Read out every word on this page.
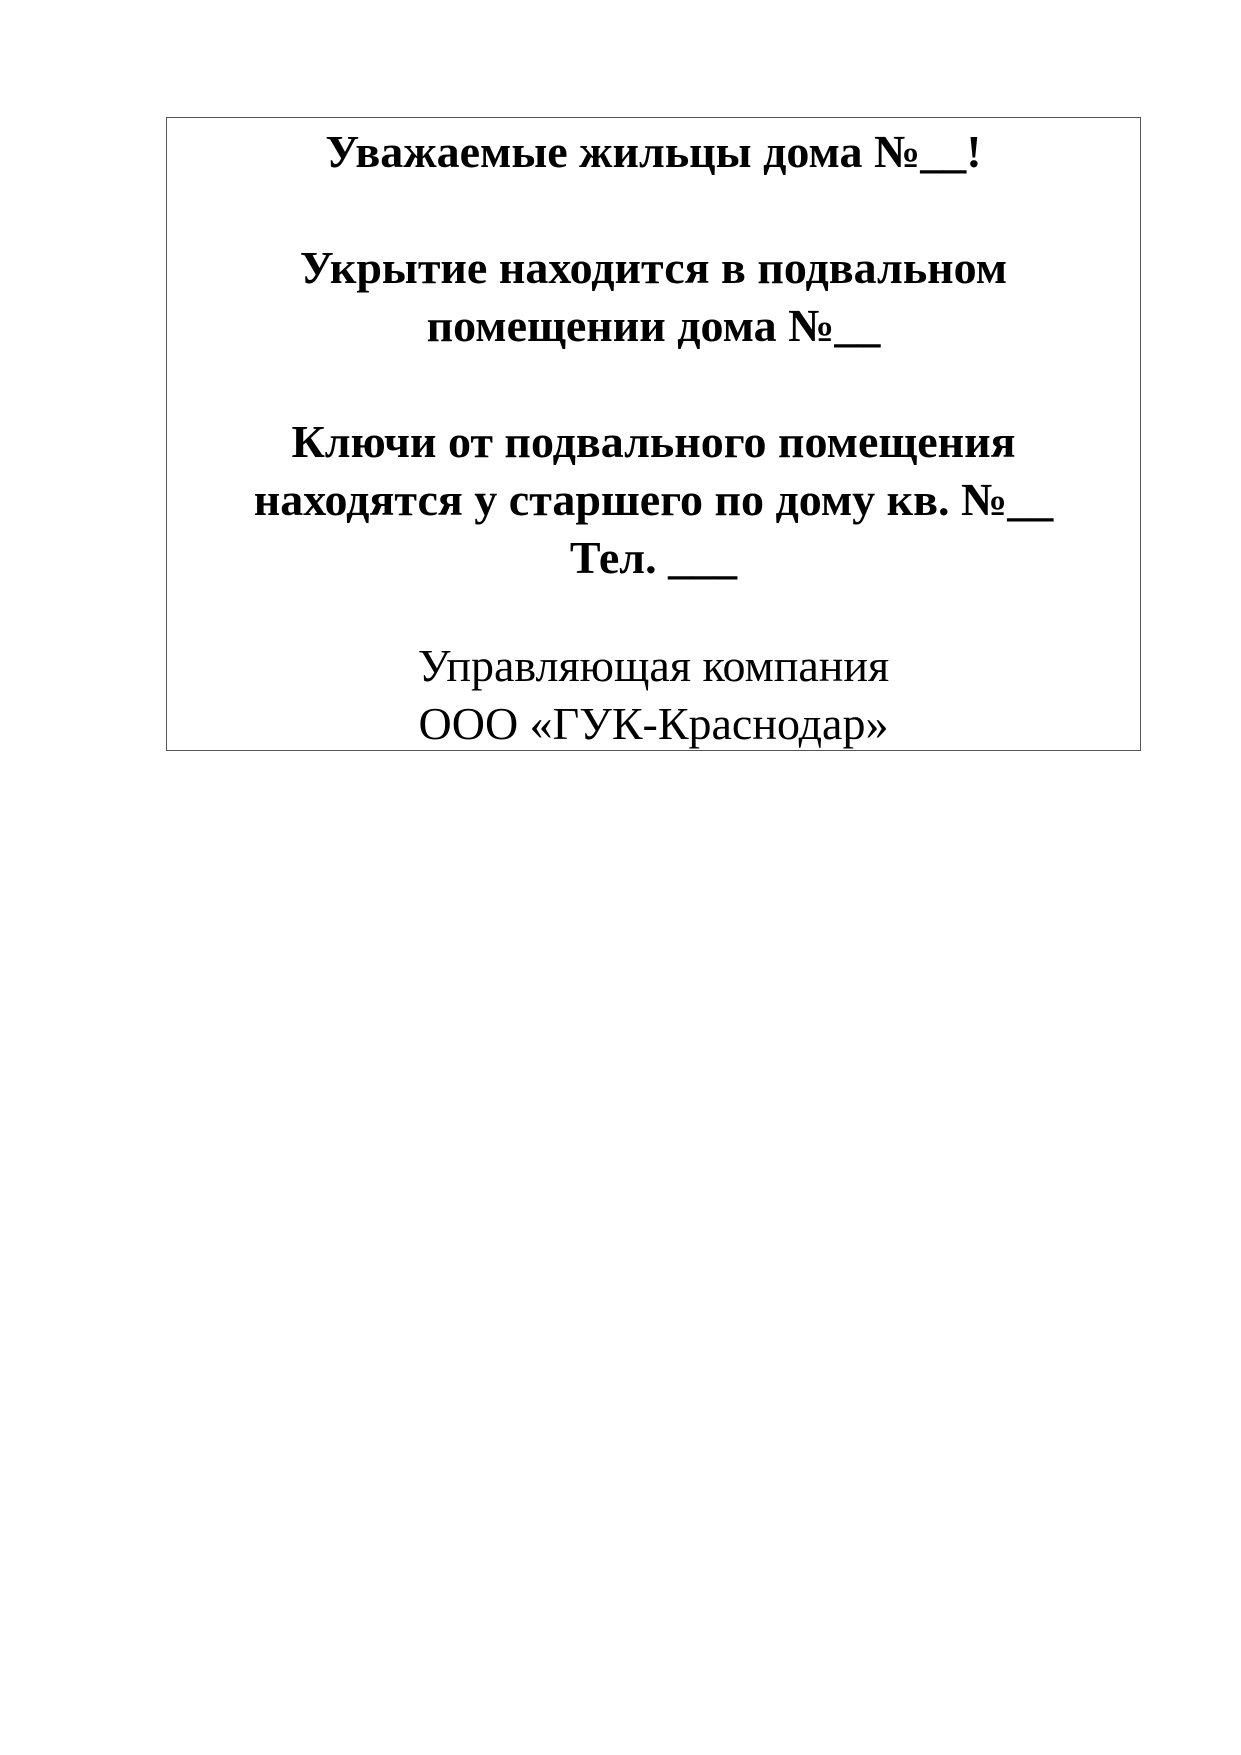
Уважаемые жильцы дома №__!

Укрытие находится в подвальном

помещении дома №__

Ключи от подвального помещения

находятся у старшего по дому кв. №__

Тел. ___

Управляющая компания

ООО «ГУК-Краснодар»
